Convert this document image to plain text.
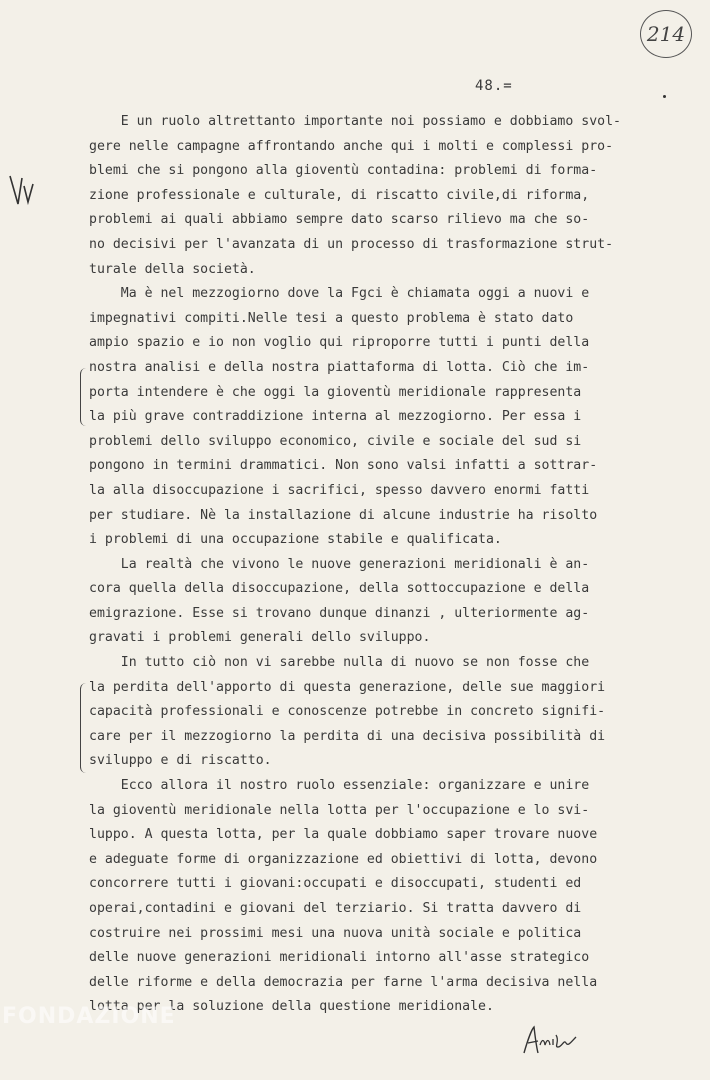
214
48.=
E un ruolo altrettanto importante noi possiamo e dobbiamo svol-
gere nelle campagne affrontando anche qui i molti e complessi pro-
blemi che si pongono alla gioventù contadina: problemi di forma-
zione professionale e culturale, di riscatto civile,di riforma,
problemi ai quali abbiamo sempre dato scarso rilievo ma che so-
no decisivi per l'avanzata di un processo di trasformazione strut-
turale della società.
Ma è nel mezzogiorno dove la Fgci è chiamata oggi a nuovi e
impegnativi compiti.Nelle tesi a questo problema è stato dato
ampio spazio e io non voglio qui riproporre tutti i punti della
nostra analisi e della nostra piattaforma di lotta. Ciò che im-
porta intendere è che oggi la gioventù meridionale rappresenta
la più grave contraddizione interna al mezzogiorno. Per essa i
problemi dello sviluppo economico, civile e sociale del sud si
pongono in termini drammatici. Non sono valsi infatti a sottrar-
la alla disoccupazione i sacrifici, spesso davvero enormi fatti
per studiare. Nè la installazione di alcune industrie ha risolto
i problemi di una occupazione stabile e qualificata.
La realtà che vivono le nuove generazioni meridionali è an-
cora quella della disoccupazione, della sottoccupazione e della
emigrazione. Esse si trovano dunque dinanzi , ulteriormente ag-
gravati i problemi generali dello sviluppo.
In tutto ciò non vi sarebbe nulla di nuovo se non fosse che
la perdita dell'apporto di questa generazione, delle sue maggiori
capacità professionali e conoscenze potrebbe in concreto signifi-
care per il mezzogiorno la perdita di una decisiva possibilità di
sviluppo e di riscatto.
Ecco allora il nostro ruolo essenziale: organizzare e unire
la gioventù meridionale nella lotta per l'occupazione e lo svi-
luppo. A questa lotta, per la quale dobbiamo saper trovare nuove
e adeguate forme di organizzazione ed obiettivi di lotta, devono
concorrere tutti i giovani:occupati e disoccupati, studenti ed
operai,contadini e giovani del terziario. Si tratta davvero di
costruire nei prossimi mesi una nuova unità sociale e politica
delle nuove generazioni meridionali intorno all'asse strategico
delle riforme e della democrazia per farne l'arma decisiva nella
lotta per la soluzione della questione meridionale.
FONDAZIONE
